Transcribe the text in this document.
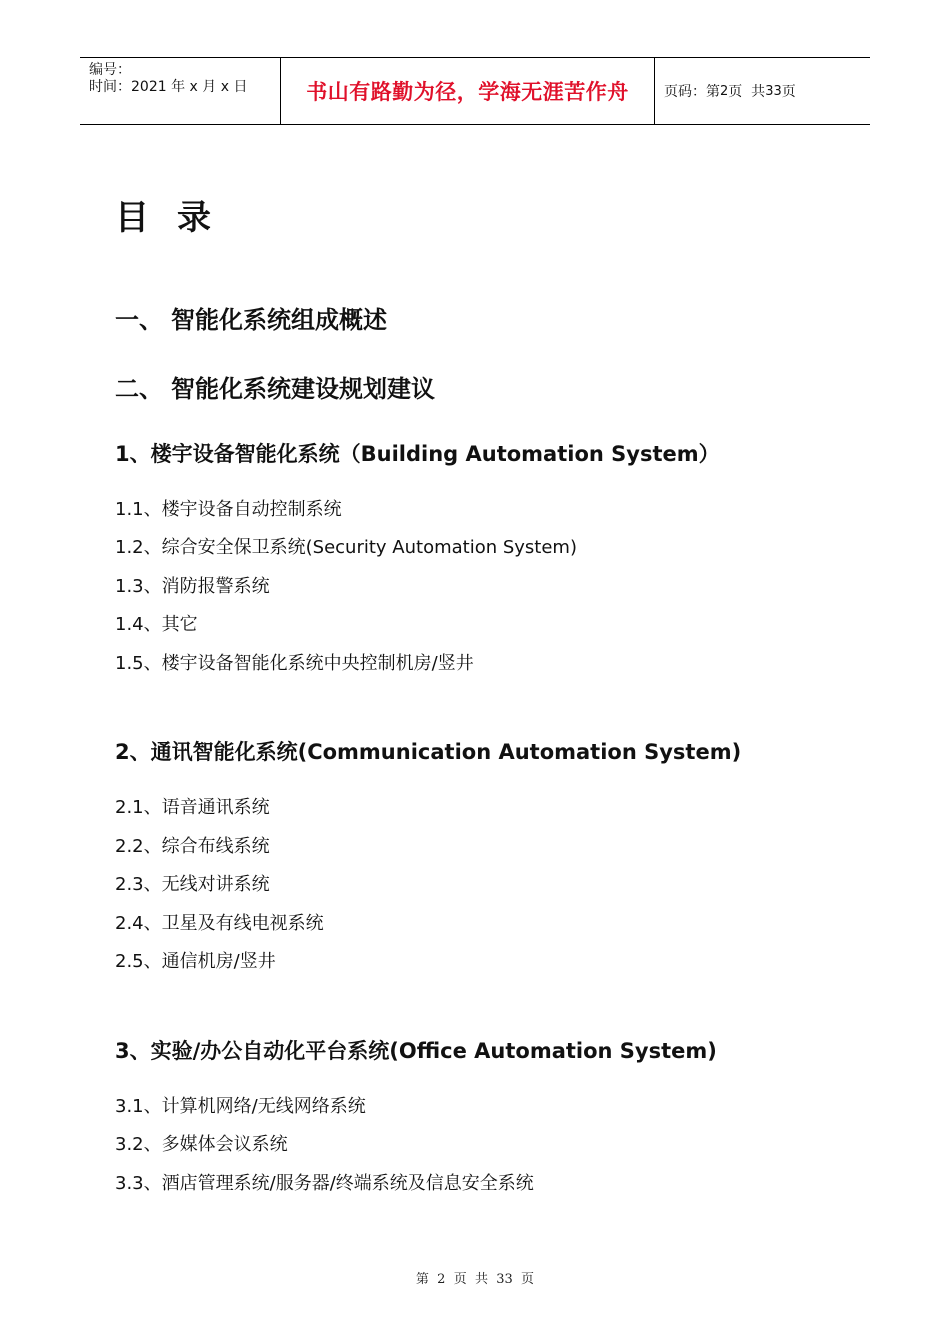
编号：
时间：2021 年 x 月 x 日	书山有路勤为径，学海无涯苦作舟	页码：第 2 页  共 33 页
目 录
一、 智能化系统组成概述
二、 智能化系统建设规划建议
1、楼宇设备智能化系统（Building Automation System）
1.1、楼宇设备自动控制系统
1.2、综合安全保卫系统(Security Automation System)
1.3、消防报警系统
1.4、其它
1.5、楼宇设备智能化系统中央控制机房/竖井
2、通讯智能化系统(Communication Automation System)
2.1、语音通讯系统
2.2、综合布线系统
2.3、无线对讲系统
2.4、卫星及有线电视系统
2.5、通信机房/竖井
3、实验/办公自动化平台系统(Office Automation System)
3.1、计算机网络/无线网络系统
3.2、多媒体会议系统
3.3、酒店管理系统/服务器/终端系统及信息安全系统
第  2  页  共  33  页
